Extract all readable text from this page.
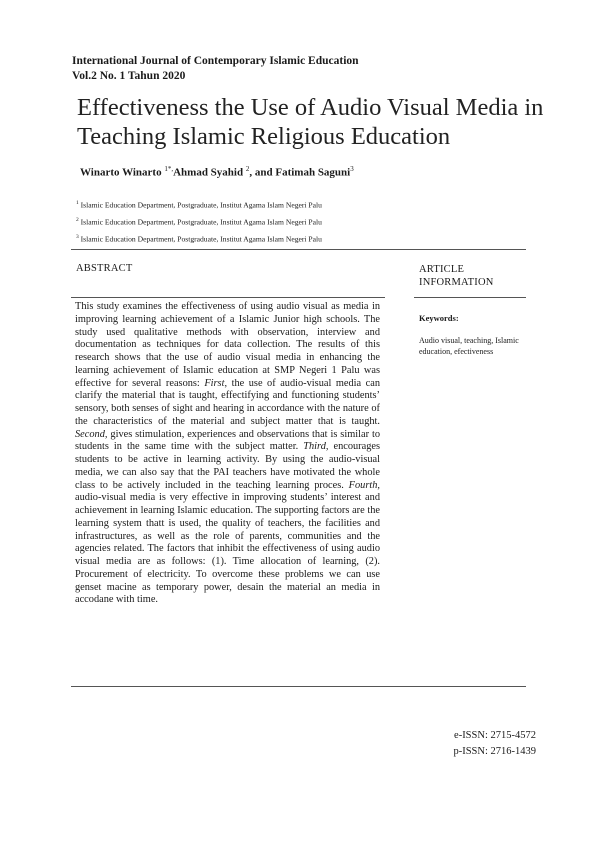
International Journal of Contemporary Islamic Education
Vol.2 No. 1 Tahun 2020
Effectiveness the Use of Audio Visual Media in Teaching Islamic Religious Education
Winarto Winarto $^{1*,}$Ahmad Syahid $^2$, and Fatimah Saguni$^3$
$^1$ Islamic Education Department, Postgraduate, Institut Agama Islam Negeri Palu
$^2$ Islamic Education Department, Postgraduate, Institut Agama Islam Negeri Palu
$^3$ Islamic Education Department, Postgraduate, Institut Agama Islam Negeri Palu
ABSTRACT	ARTICLE
INFORMATION
This study examines the effectiveness of using audio visual as media in improving learning achievement of a Islamic Junior high schools. The study used qualitative methods with observation, interview and documentation as techniques for data collection. The results of this research shows that the use of audio visual media in enhancing the learning achievement of Islamic education at SMP Negeri 1 Palu was effective for several reasons: First, the use of audio-visual media can clarify the material that is taught, effectifying and functioning students’ sensory, both senses of sight and hearing in accordance with the nature of the characteristics of the material and subject matter that is taught. Second, gives stimulation, experiences and observations that is similar to students in the same time with the subject matter. Third, encourages students to be active in learning activity. By using the audio-visual media, we can also say that the PAI teachers have motivated the whole class to be actively included in the teaching learning proces. Fourth, audio-visual media is very effective in improving students’ interest and achievement in learning Islamic education. The supporting factors are the learning system thatt is used, the quality of teachers, the facilities and infrastructures, as well as the role of parents, communities and the agencies related. The factors that inhibit the effectiveness of using audio visual media are as follows: (1). Time allocation of learning, (2). Procurement of electricity. To overcome these problems we can use genset macine as temporary power, desain the material an media in accodane with time.
Keywords:
Audio visual, teaching, Islamic education, efectiveness
e-ISSN: 2715-4572
p-ISSN: 2716-1439
